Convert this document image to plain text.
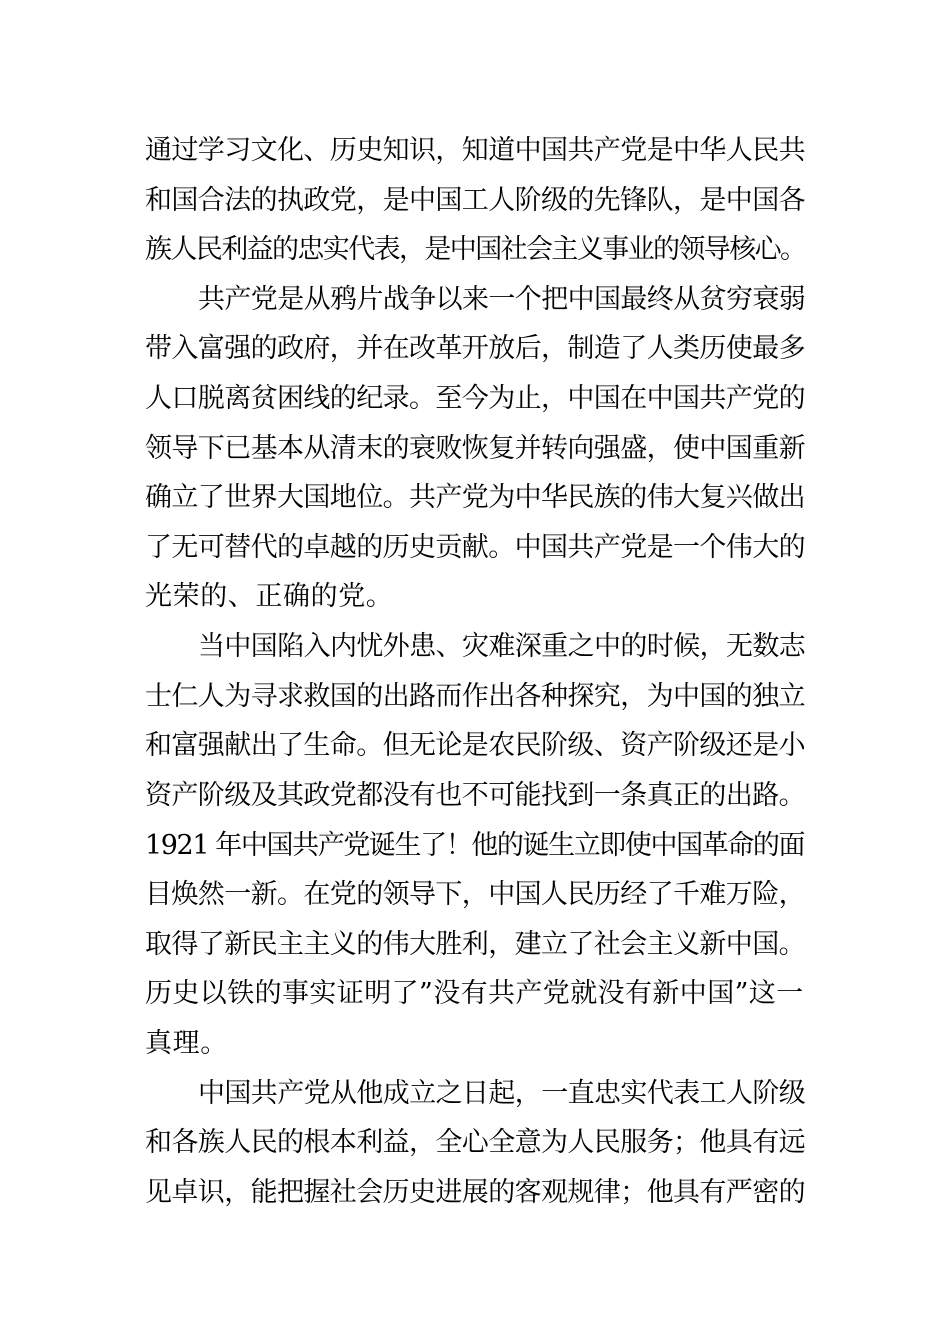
通过学习文化、历史知识，知道中国共产党是中华人民共
和国合法的执政党，是中国工人阶级的先锋队，是中国各
族人民利益的忠实代表，是中国社会主义事业的领导核心。
共产党是从鸦片战争以来一个把中国最终从贫穷衰弱
带入富强的政府，并在改革开放后，制造了人类历使最多
人口脱离贫困线的纪录。至今为止，中国在中国共产党的
领导下已基本从清末的衰败恢复并转向强盛，使中国重新
确立了世界大国地位。共产党为中华民族的伟大复兴做出
了无可替代的卓越的历史贡献。中国共产党是一个伟大的
光荣的、正确的党。
当中国陷入内忧外患、灾难深重之中的时候，无数志
士仁人为寻求救国的出路而作出各种探究，为中国的独立
和富强献出了生命。但无论是农民阶级、资产阶级还是小
资产阶级及其政党都没有也不可能找到一条真正的出路。
1921 年中国共产党诞生了！他的诞生立即使中国革命的面
目焕然一新。在党的领导下，中国人民历经了千难万险，
取得了新民主主义的伟大胜利，建立了社会主义新中国。
历史以铁的事实证明了”没有共产党就没有新中国”这一
真理。
中国共产党从他成立之日起，一直忠实代表工人阶级
和各族人民的根本利益，全心全意为人民服务；他具有远
见卓识，能把握社会历史进展的客观规律；他具有严密的
